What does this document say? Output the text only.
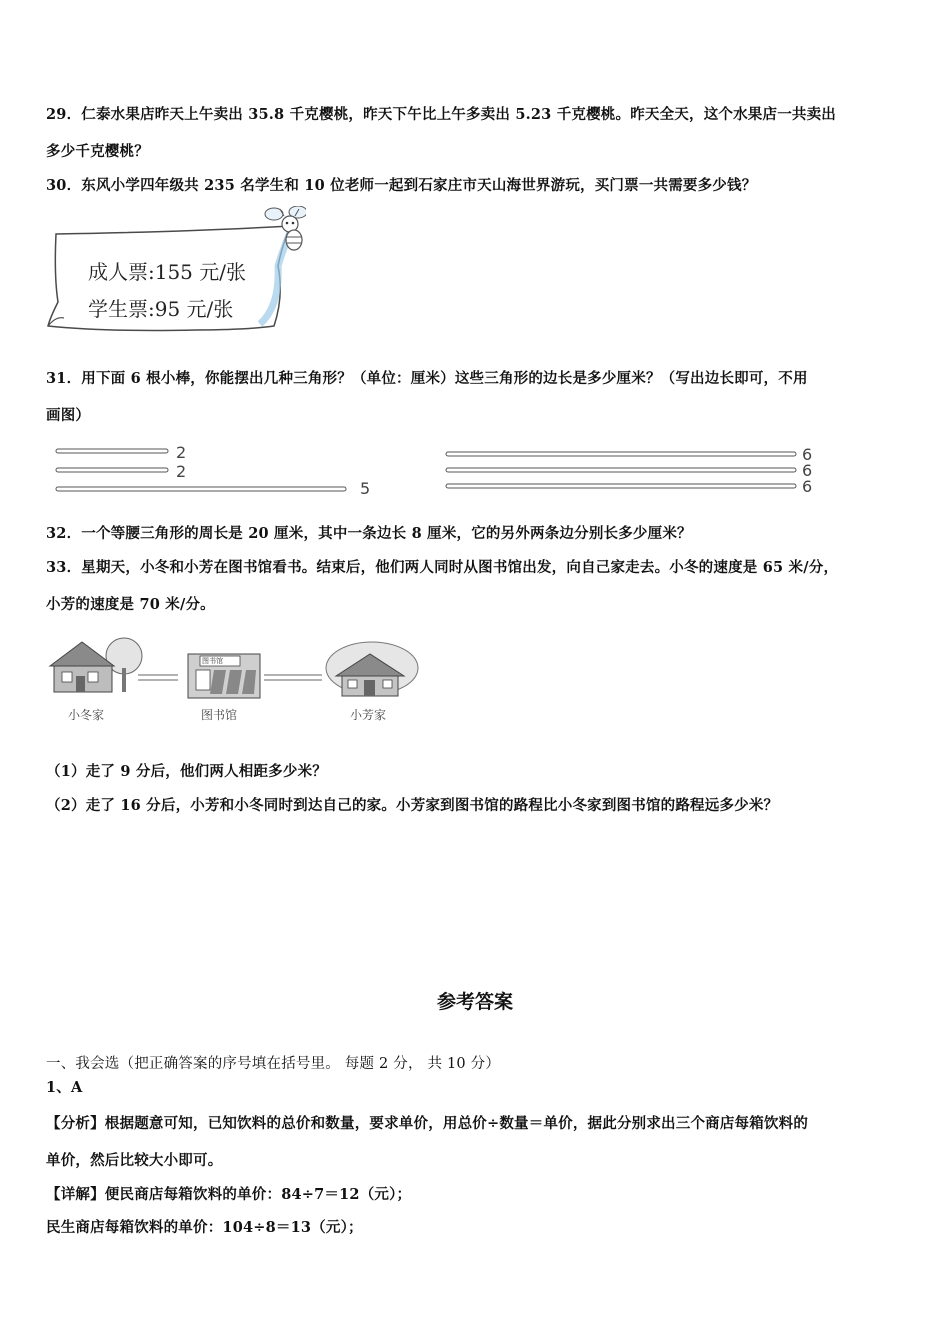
29．仁泰水果店昨天上午卖出 35.8 千克樱桃，昨天下午比上午多卖出 5.23 千克樱桃。昨天全天，这个水果店一共卖出
多少千克樱桃？
30．东风小学四年级共 235 名学生和 10 位老师一起到石家庄市天山海世界游玩，买门票一共需要多少钱？
成人票:155 元/张
学生票:95 元/张
31．用下面 6 根小棒，你能摆出几种三角形？（单位：厘米）这些三角形的边长是多少厘米？（写出边长即可，不用
画图）
2
2
5
6
6
6
32．一个等腰三角形的周长是 20 厘米，其中一条边长 8 厘米，它的另外两条边分别长多少厘米？
33．星期天，小冬和小芳在图书馆看书。结束后，他们两人同时从图书馆出发，向自己家走去。小冬的速度是 65 米/分，
小芳的速度是 70 米/分。
图书馆
小冬家	图书馆	小芳家
（1）走了 9 分后，他们两人相距多少米？
（2）走了 16 分后，小芳和小冬同时到达自己的家。小芳家到图书馆的路程比小冬家到图书馆的路程远多少米？
参考答案
一、我会选（把正确答案的序号填在括号里。 每题 2 分， 共 10 分）
1、A
【分析】根据题意可知，已知饮料的总价和数量，要求单价，用总价÷数量＝单价，据此分别求出三个商店每箱饮料的
单价，然后比较大小即可。
【详解】便民商店每箱饮料的单价：84÷7＝12（元）；
民生商店每箱饮料的单价：104÷8＝13（元）；
